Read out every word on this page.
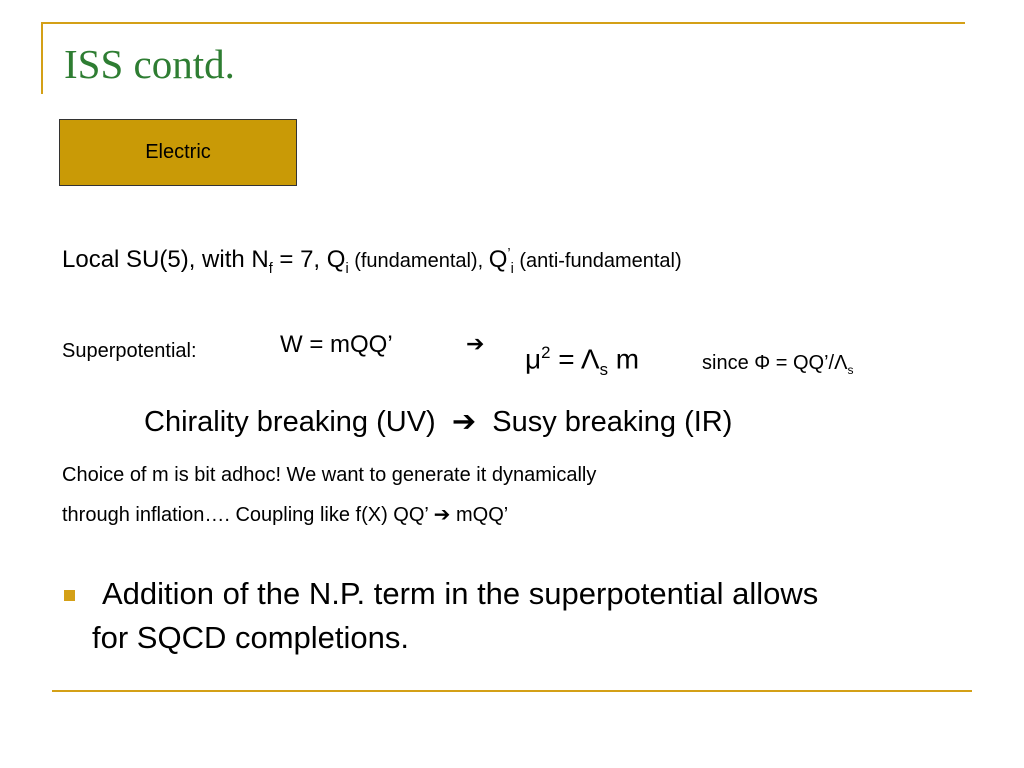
ISS contd.
Electric
Local SU(5), with $N_f = 7$, $Q_i$ (fundamental), $Q^’_i$ (anti-fundamental)
Superpotential:	W = mQQ’	➔ $\mu^2 = \Lambda_s$ m	since $\Phi = QQ’/\Lambda_s$
Chirality breaking (UV) ➔ Susy breaking (IR)
Choice of m is bit adhoc! We want to generate it dynamically
through inflation…. Coupling like f(X) QQ’ ➔ mQQ’
Addition of the N.P. term in the superpotential allows
for SQCD completions.
